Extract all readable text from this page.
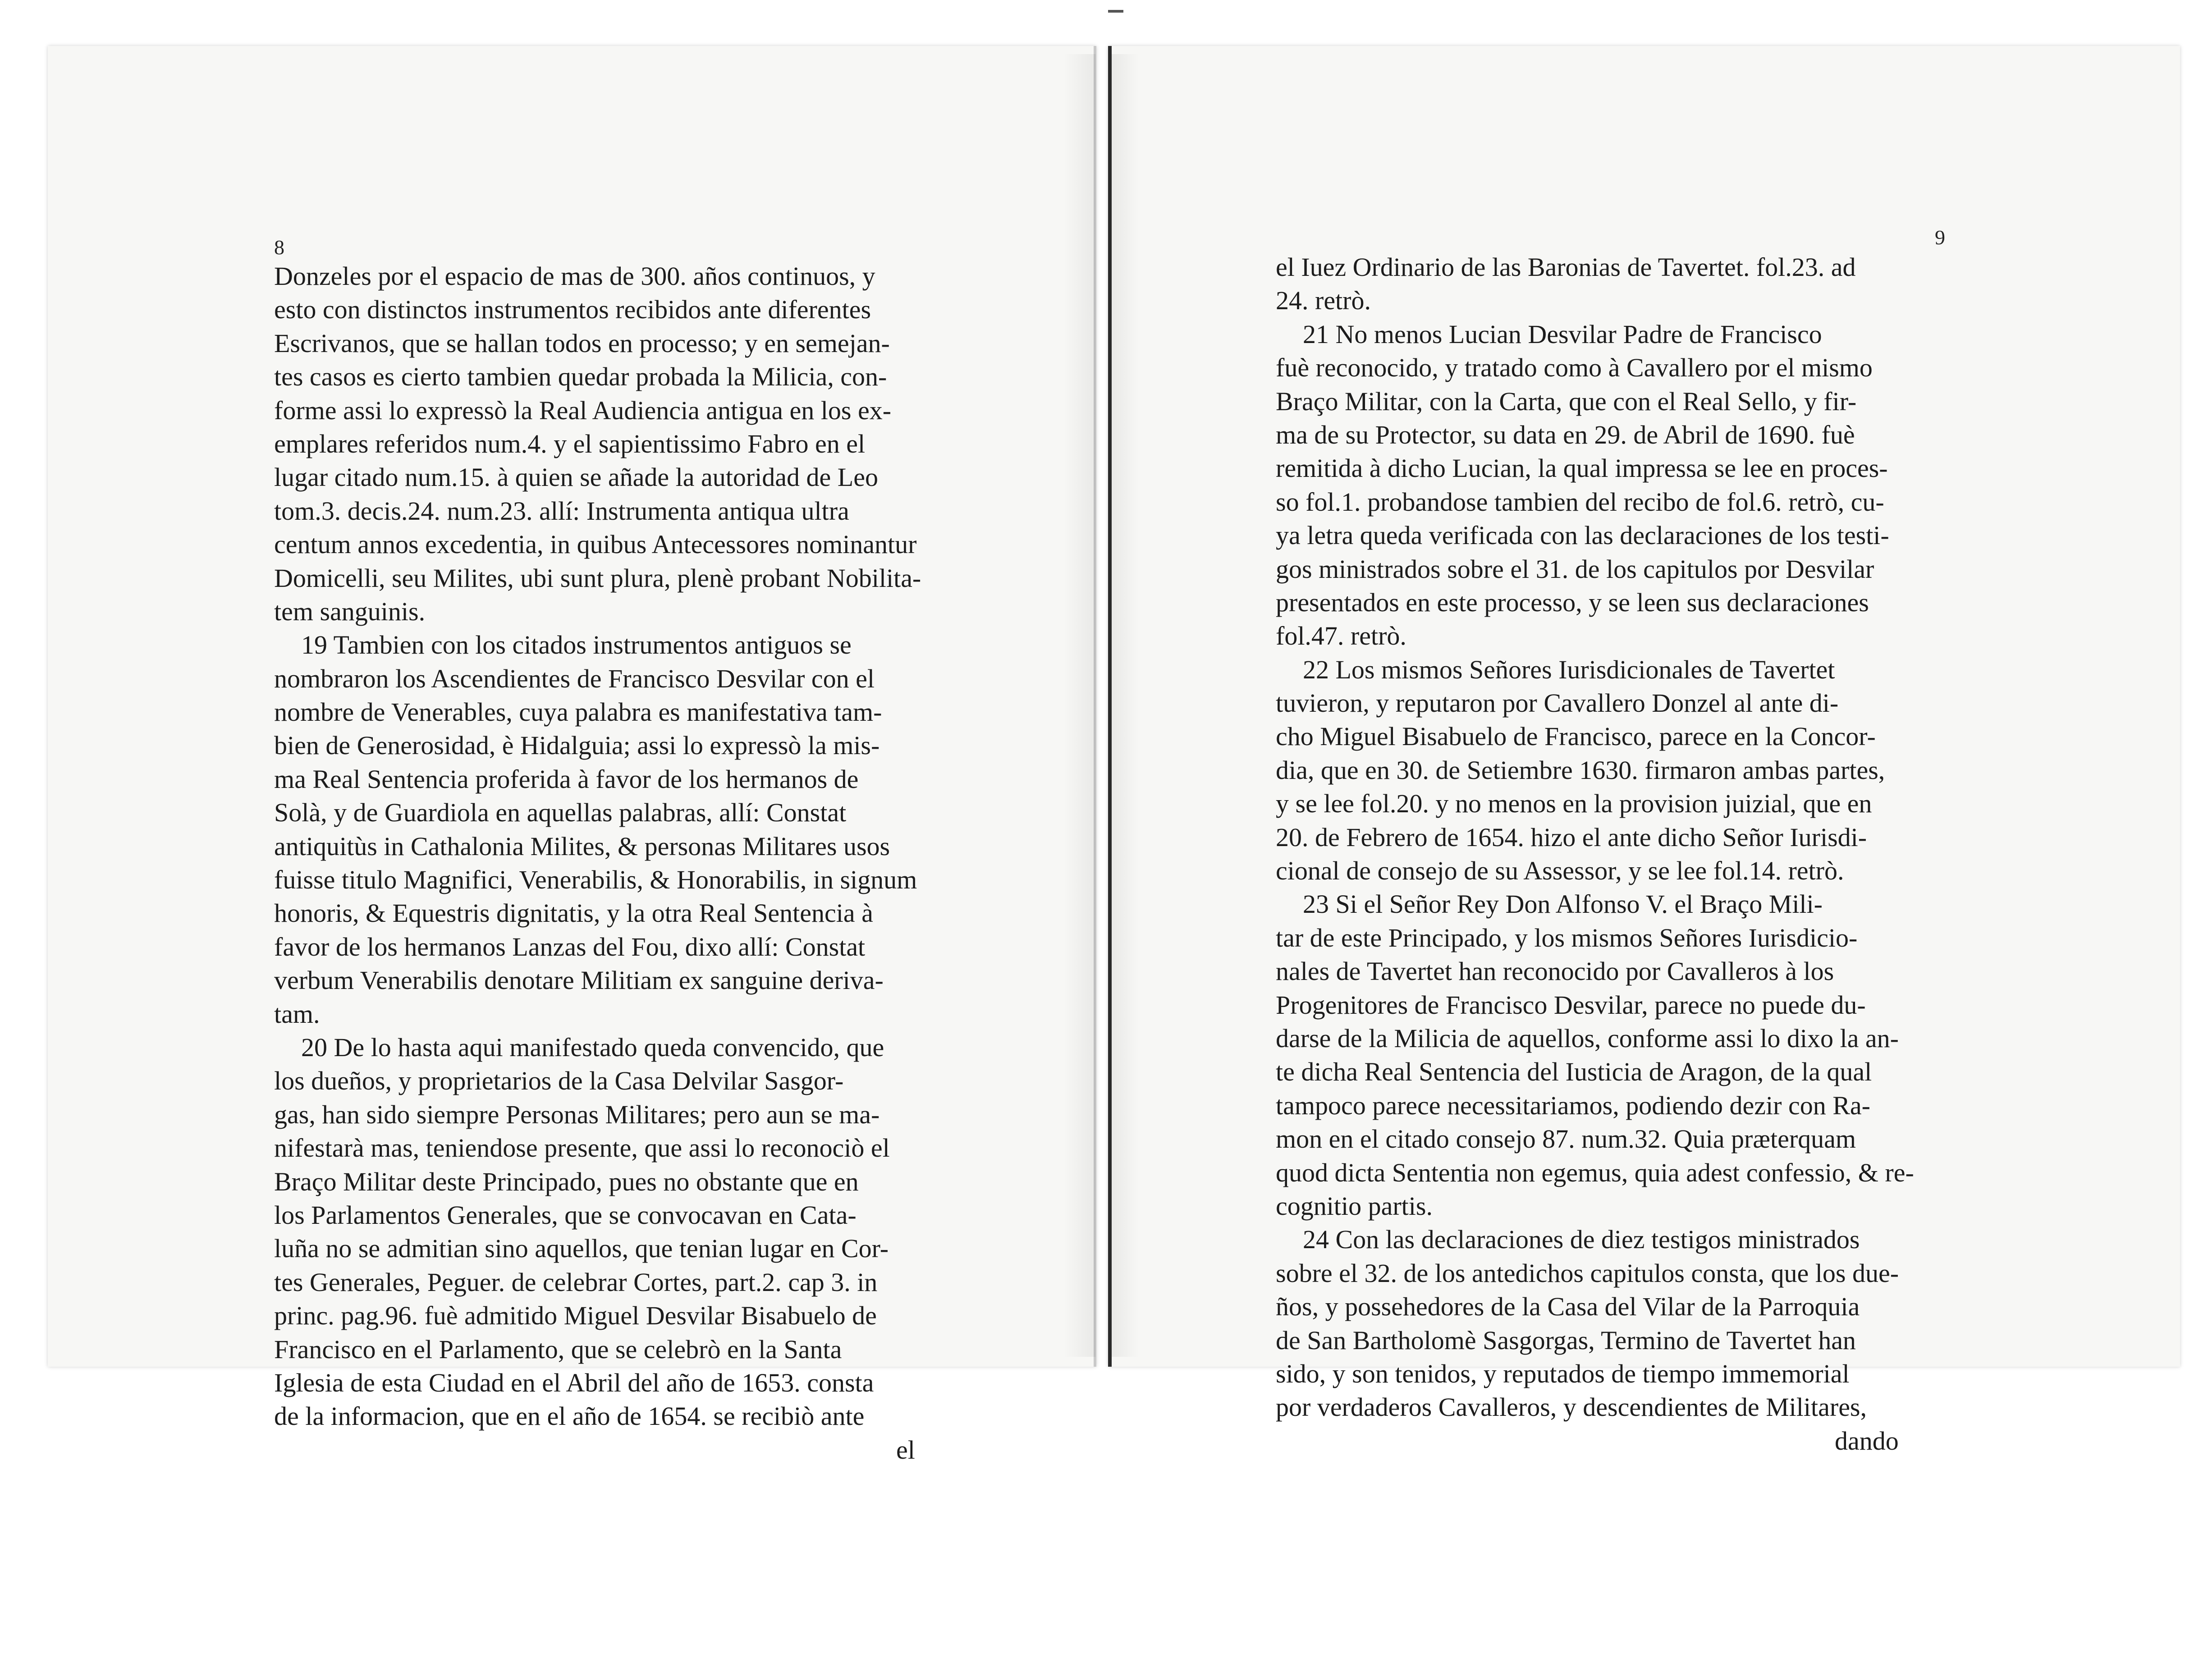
8	9
Donzeles por el espacio de mas de 300. años continuos, y
esto con distinctos instrumentos recibidos ante diferentes
Escrivanos, que se hallan todos en processo; y en semejan-
tes casos es cierto tambien quedar probada la Milicia, con-
forme assi lo expressò la Real Audiencia antigua en los ex-
emplares referidos num.4. y el sapientissimo Fabro en el
lugar citado num.15. à quien se añade la autoridad de Leo
tom.3. decis.24. num.23. allí: Instrumenta antiqua ultra
centum annos excedentia, in quibus Antecessores nominantur
Domicelli, seu Milites, ubi sunt plura, plenè probant Nobilita-
tem sanguinis.
19 Tambien con los citados instrumentos antiguos se
nombraron los Ascendientes de Francisco Desvilar con el
nombre de Venerables, cuya palabra es manifestativa tam-
bien de Generosidad, è Hidalguia; assi lo expressò la mis-
ma Real Sentencia proferida à favor de los hermanos de
Solà, y de Guardiola en aquellas palabras, allí: Constat
antiquitùs in Cathalonia Milites, & personas Militares usos
fuisse titulo Magnifici, Venerabilis, & Honorabilis, in signum
honoris, & Equestris dignitatis, y la otra Real Sentencia à
favor de los hermanos Lanzas del Fou, dixo allí: Constat
verbum Venerabilis denotare Militiam ex sanguine deriva-
tam.
20 De lo hasta aqui manifestado queda convencido, que
los dueños, y proprietarios de la Casa Delvilar Sasgor-
gas, han sido siempre Personas Militares; pero aun se ma-
nifestarà mas, teniendose presente, que assi lo reconociò el
Braço Militar deste Principado, pues no obstante que en
los Parlamentos Generales, que se convocavan en Cata-
luña no se admitian sino aquellos, que tenian lugar en Cor-
tes Generales, Peguer. de celebrar Cortes, part.2. cap 3. in
princ. pag.96. fuè admitido Miguel Desvilar Bisabuelo de
Francisco en el Parlamento, que se celebrò en la Santa
Iglesia de esta Ciudad en el Abril del año de 1653. consta
de la informacion, que en el año de 1654. se recibiò ante
el
el Iuez Ordinario de las Baronias de Tavertet. fol.23. ad
24. retrò.
21 No menos Lucian Desvilar Padre de Francisco
fuè reconocido, y tratado como à Cavallero por el mismo
Braço Militar, con la Carta, que con el Real Sello, y fir-
ma de su Protector, su data en 29. de Abril de 1690. fuè
remitida à dicho Lucian, la qual impressa se lee en proces-
so fol.1. probandose tambien del recibo de fol.6. retrò, cu-
ya letra queda verificada con las declaraciones de los testi-
gos ministrados sobre el 31. de los capitulos por Desvilar
presentados en este processo, y se leen sus declaraciones
fol.47. retrò.
22 Los mismos Señores Iurisdicionales de Tavertet
tuvieron, y reputaron por Cavallero Donzel al ante di-
cho Miguel Bisabuelo de Francisco, parece en la Concor-
dia, que en 30. de Setiembre 1630. firmaron ambas partes,
y se lee fol.20. y no menos en la provision juizial, que en
20. de Febrero de 1654. hizo el ante dicho Señor Iurisdi-
cional de consejo de su Assessor, y se lee fol.14. retrò.
23 Si el Señor Rey Don Alfonso V. el Braço Mili-
tar de este Principado, y los mismos Señores Iurisdicio-
nales de Tavertet han reconocido por Cavalleros à los
Progenitores de Francisco Desvilar, parece no puede du-
darse de la Milicia de aquellos, conforme assi lo dixo la an-
te dicha Real Sentencia del Iusticia de Aragon, de la qual
tampoco parece necessitariamos, podiendo dezir con Ra-
mon en el citado consejo 87. num.32. Quia præterquam
quod dicta Sententia non egemus, quia adest confessio, & re-
cognitio partis.
24 Con las declaraciones de diez testigos ministrados
sobre el 32. de los antedichos capitulos consta, que los due-
ños, y possehedores de la Casa del Vilar de la Parroquia
de San Bartholomè Sasgorgas, Termino de Tavertet han
sido, y son tenidos, y reputados de tiempo immemorial
por verdaderos Cavalleros, y descendientes de Militares,
dando
